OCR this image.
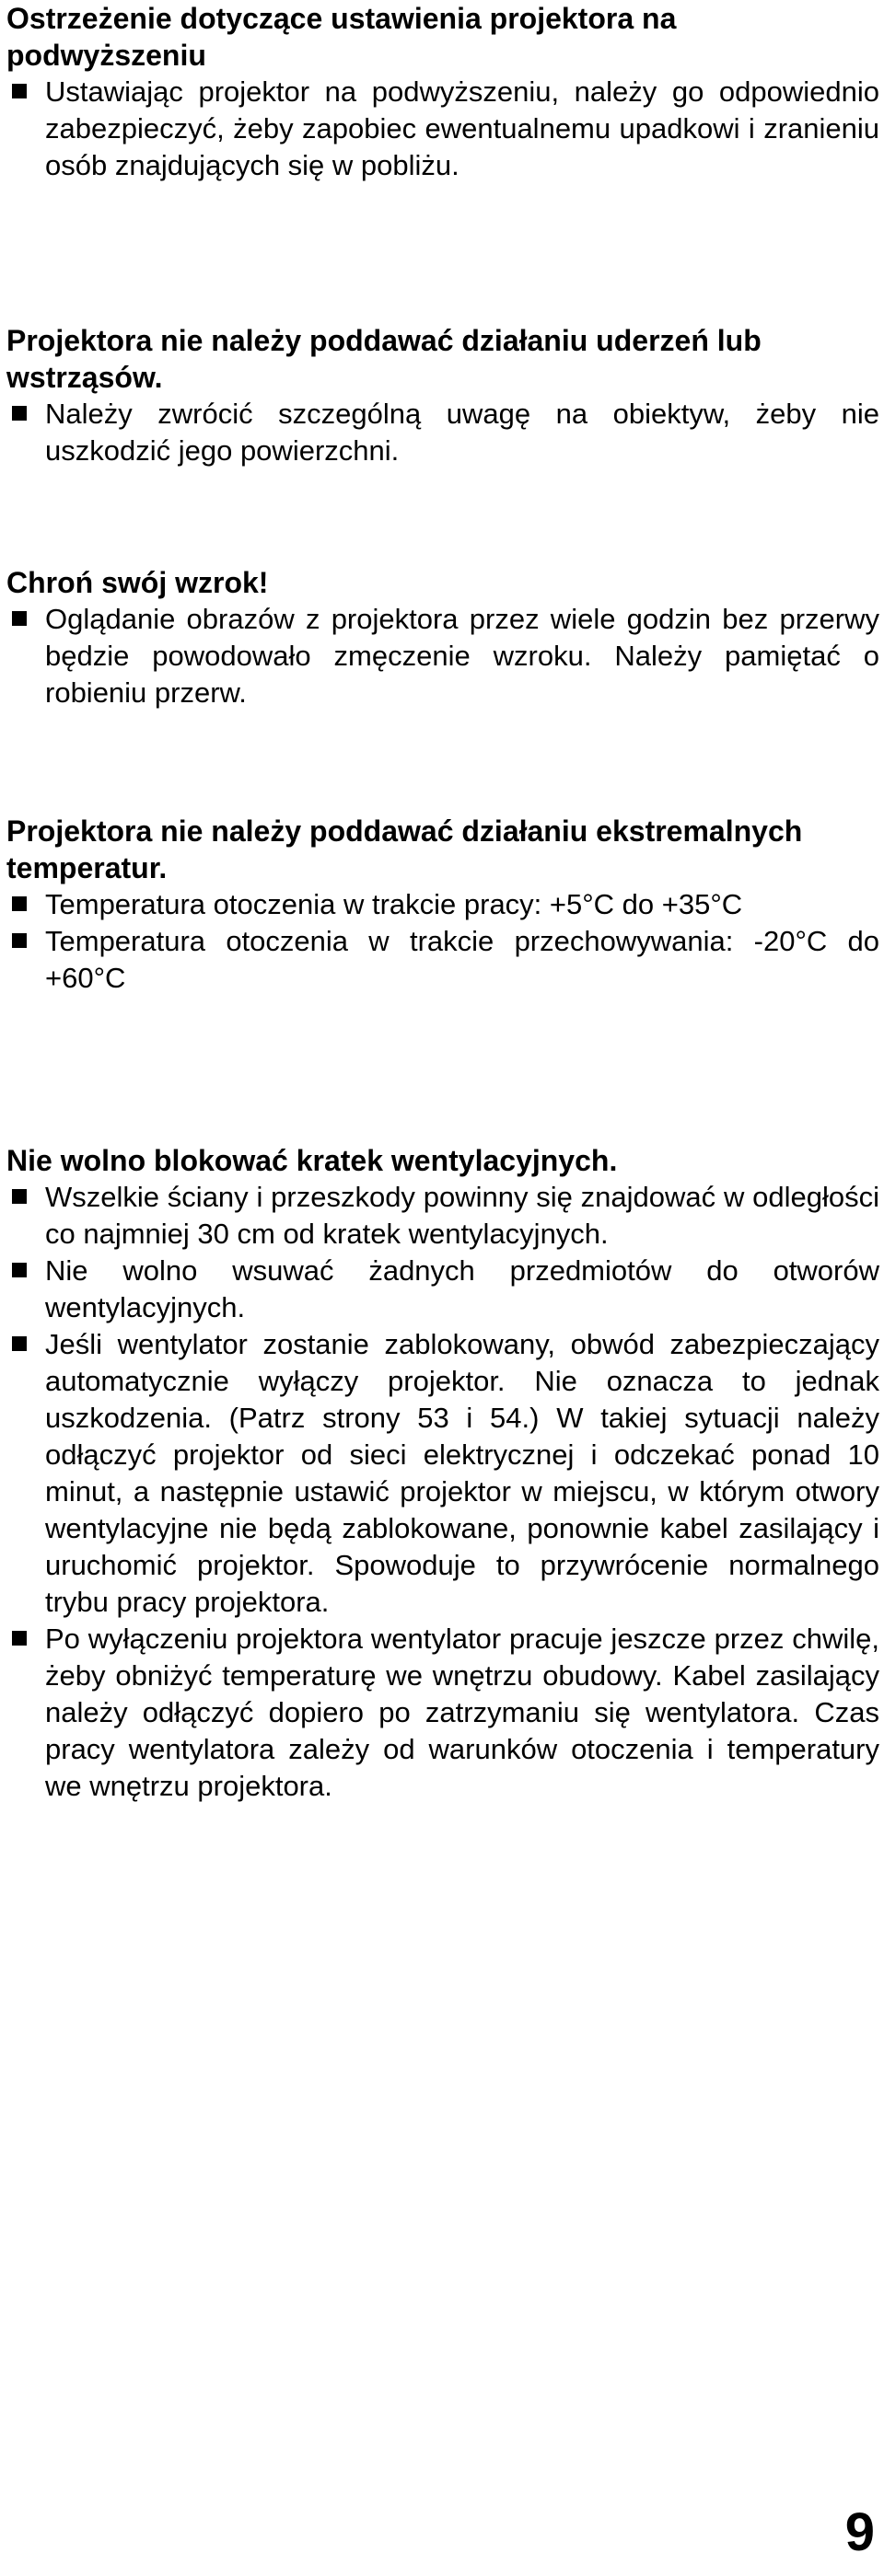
Ostrzeżenie dotyczące ustawienia projektora na podwyższeniu

Ustawiając projektor na podwyższeniu, należy go odpowiednio zabezpieczyć, żeby zapobiec ewentualnemu upadkowi i zranieniu osób znajdujących się w pobliżu.

Projektora nie należy poddawać działaniu uderzeń lub wstrząsów.

Należy zwrócić szczególną uwagę na obiektyw, żeby nie uszkodzić jego powierzchni.

Chroń swój wzrok!

Oglądanie obrazów z projektora przez wiele godzin bez przerwy będzie powodowało zmęczenie wzroku. Należy pamiętać o robieniu przerw.

Projektora nie należy poddawać działaniu ekstremalnych temperatur.

Temperatura otoczenia w trakcie pracy: +5°C do +35°C
Temperatura otoczenia w trakcie przechowywania: -20°C do +60°C

Nie wolno blokować kratek wentylacyjnych.

Wszelkie ściany i przeszkody powinny się znajdować w odległości co najmniej 30 cm od kratek wentylacyjnych.
Nie wolno wsuwać żadnych przedmiotów do otworów wentylacyjnych.
Jeśli wentylator zostanie zablokowany, obwód zabezpieczający automatycznie wyłączy projektor. Nie oznacza to jednak uszkodzenia. (Patrz strony 53 i 54.) W takiej sytuacji należy odłączyć projektor od sieci elektrycznej i odczekać ponad 10 minut, a następnie ustawić projektor w miejscu, w którym otwory wentylacyjne nie będą zablokowane, ponownie kabel zasilający i uruchomić projektor. Spowoduje to przywrócenie normalnego trybu pracy projektora.
Po wyłączeniu projektora wentylator pracuje jeszcze przez chwilę, żeby obniżyć temperaturę we wnętrzu obudowy. Kabel zasilający należy odłączyć dopiero po zatrzymaniu się wentylatora. Czas pracy wentylatora zależy od warunków otoczenia i temperatury we wnętrzu projektora.
9
